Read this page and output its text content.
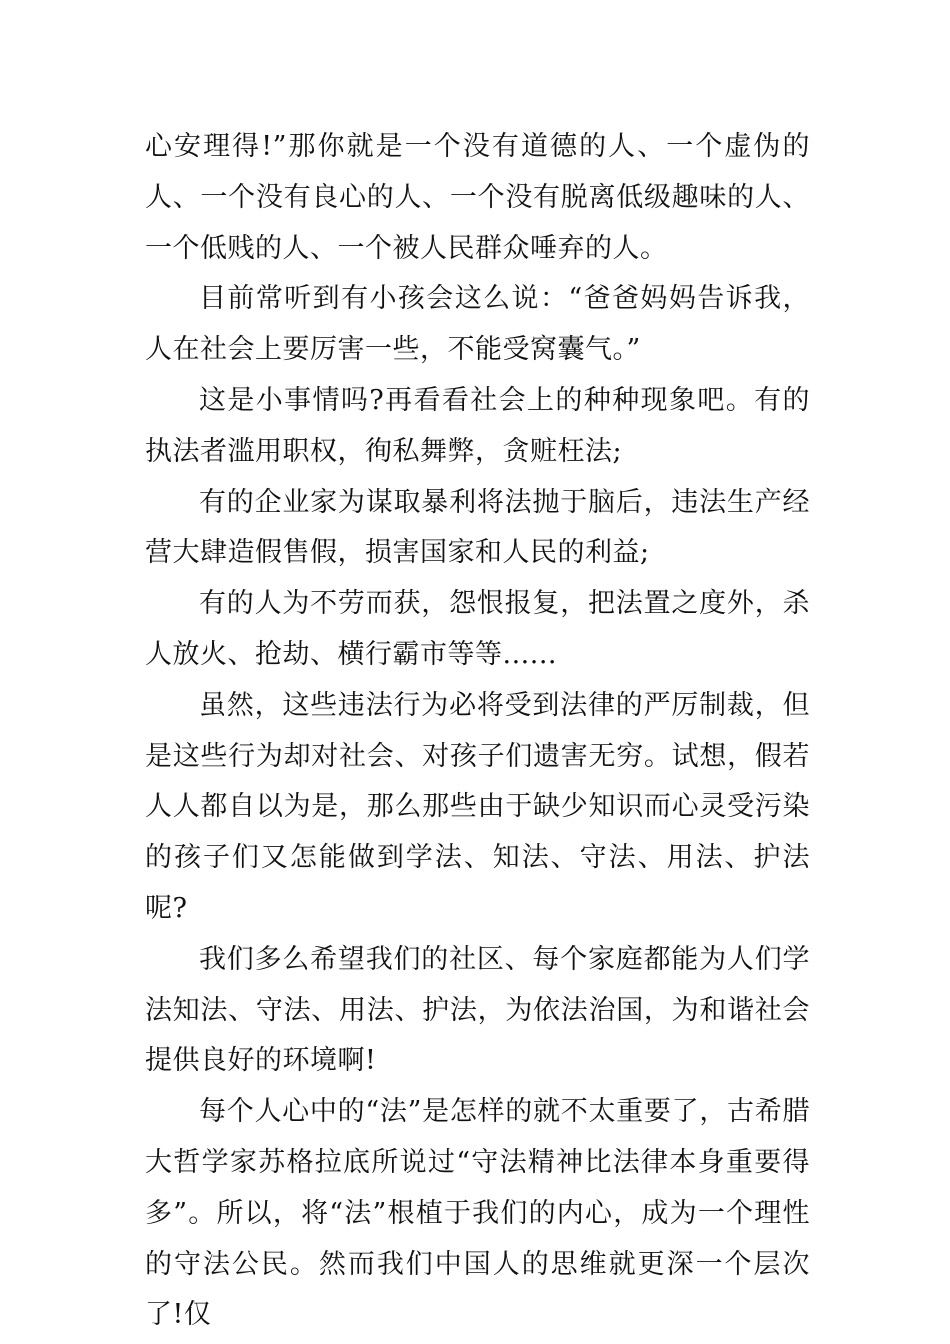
心安理得!”那你就是一个没有道德的人、一个虚伪的人、一个没有良心的人、一个没有脱离低级趣味的人、一个低贱的人、一个被人民群众唾弃的人。

目前常听到有小孩会这么说：“爸爸妈妈告诉我，人在社会上要厉害一些，不能受窝囊气。”

这是小事情吗?再看看社会上的种种现象吧。有的执法者滥用职权，徇私舞弊，贪赃枉法;

有的企业家为谋取暴利将法抛于脑后，违法生产经营大肆造假售假，损害国家和人民的利益;

有的人为不劳而获，怨恨报复，把法置之度外，杀人放火、抢劫、横行霸市等等......

虽然，这些违法行为必将受到法律的严厉制裁，但是这些行为却对社会、对孩子们遗害无穷。试想，假若人人都自以为是，那么那些由于缺少知识而心灵受污染的孩子们又怎能做到学法、知法、守法、用法、护法呢?

我们多么希望我们的社区、每个家庭都能为人们学法知法、守法、用法、护法，为依法治国，为和谐社会提供良好的环境啊!

每个人心中的“法”是怎样的就不太重要了，古希腊大哲学家苏格拉底所说过“守法精神比法律本身重要得多”。所以，将“法”根植于我们的内心，成为一个理性的守法公民。然而我们中国人的思维就更深一个层次了!仅
